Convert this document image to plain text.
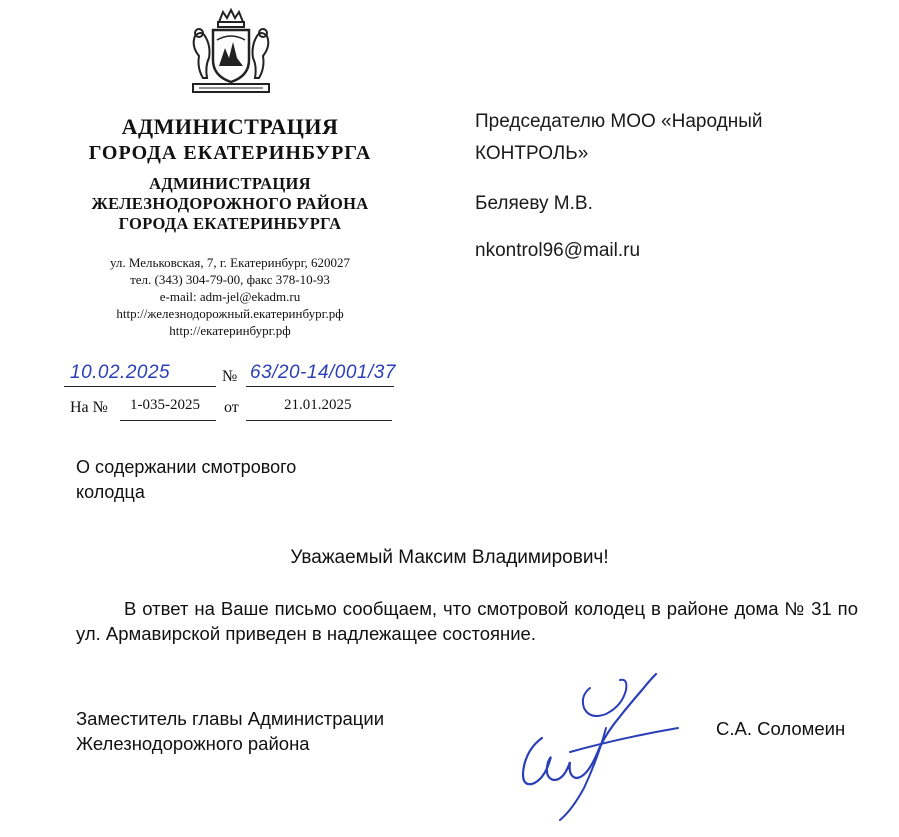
АДМИНИСТРАЦИЯ
ГОРОДА ЕКАТЕРИНБУРГА
АДМИНИСТРАЦИЯ
ЖЕЛЕЗНОДОРОЖНОГО РАЙОНА
ГОРОДА ЕКАТЕРИНБУРГА
ул. Мельковская, 7, г. Екатеринбург, 620027
тел. (343) 304-79-00, факс 378-10-93
e-mail: adm-jel@ekadm.ru
http://железнодорожный.екатеринбург.рф
http://екатеринбург.рф
Председателю МОО «Народный
КОНТРОЛЬ»
Беляеву М.В.
nkontrol96@mail.ru
10.02.2025	№ 63/20-14/001/37
На № 1-035-2025 от	21.01.2025
О содержании смотрового
колодца
Уважаемый Максим Владимирович!
В ответ на Ваше письмо сообщаем, что смотровой колодец в районе дома № 31 по ул. Армавирской приведен в надлежащее состояние.
Заместитель главы Администрации
Железнодорожного района
С.А. Соломеин
